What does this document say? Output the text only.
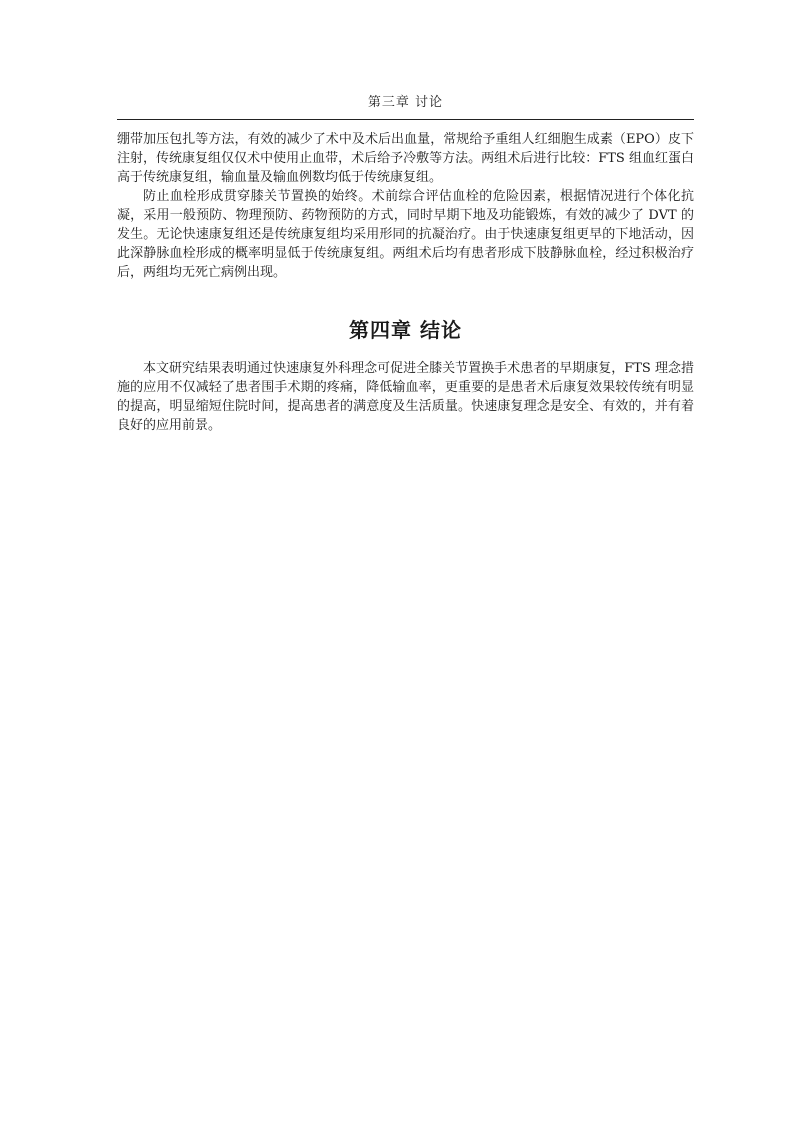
第三章 讨论

绷带加压包扎等方法，有效的减少了术中及术后出血量，常规给予重组人红细胞生成素（EPO）皮下注射，传统康复组仅仅术中使用止血带，术后给予冷敷等方法。两组术后进行比较：FTS 组血红蛋白高于传统康复组，输血量及输血例数均低于传统康复组。

防止血栓形成贯穿膝关节置换的始终。术前综合评估血栓的危险因素，根据情况进行个体化抗凝，采用一般预防、物理预防、药物预防的方式，同时早期下地及功能锻炼，有效的减少了 DVT 的发生。无论快速康复组还是传统康复组均采用形同的抗凝治疗。由于快速康复组更早的下地活动，因此深静脉血栓形成的概率明显低于传统康复组。两组术后均有患者形成下肢静脉血栓，经过积极治疗后，两组均无死亡病例出现。

第四章 结论

本文研究结果表明通过快速康复外科理念可促进全膝关节置换手术患者的早期康复，FTS 理念措施的应用不仅减轻了患者围手术期的疼痛，降低输血率，更重要的是患者术后康复效果较传统有明显的提高，明显缩短住院时间，提高患者的满意度及生活质量。快速康复理念是安全、有效的，并有着良好的应用前景。
